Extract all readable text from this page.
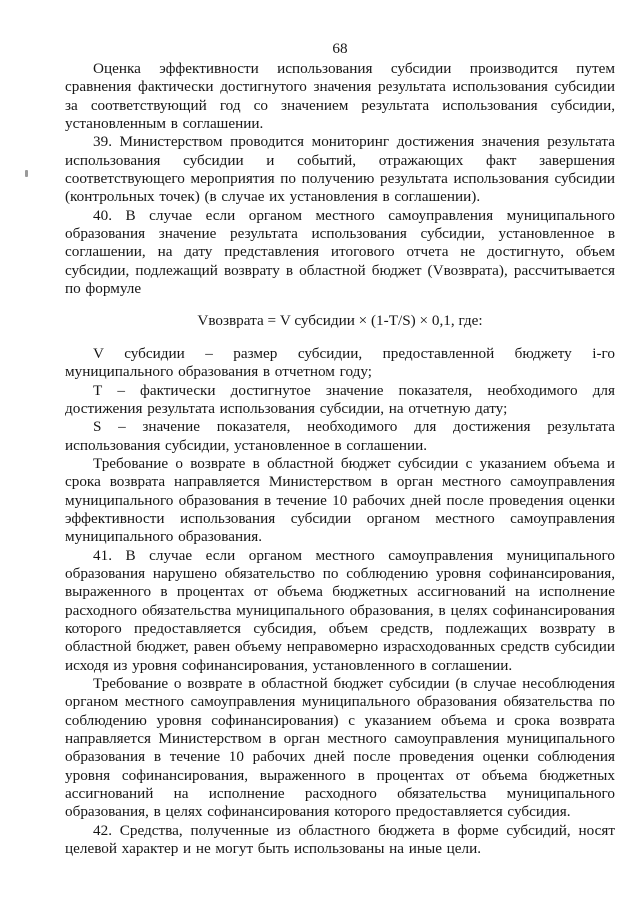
68

Оценка эффективности использования субсидии производится путем сравнения фактически достигнутого значения результата использования субсидии за соответствующий год со значением результата использования субсидии, установленным в соглашении.

39. Министерством проводится мониторинг достижения значения результата использования субсидии и событий, отражающих факт завершения соответствующего мероприятия по получению результата использования субсидии (контрольных точек) (в случае их установления в соглашении).

40. В случае если органом местного самоуправления муниципального образования значение результата использования субсидии, установленное в соглашении, на дату представления итогового отчета не достигнуто, объем субсидии, подлежащий возврату в областной бюджет (Vвозврата), рассчитывается по формуле

Vвозврата = V субсидии × (1-T/S) × 0,1, где:

V субсидии – размер субсидии, предоставленной бюджету i-го муниципального образования в отчетном году;

Т – фактически достигнутое значение показателя, необходимого для достижения результата использования субсидии, на отчетную дату;

S – значение показателя, необходимого для достижения результата использования субсидии, установленное в соглашении.

Требование о возврате в областной бюджет субсидии с указанием объема и срока возврата направляется Министерством в орган местного самоуправления муниципального образования в течение 10 рабочих дней после проведения оценки эффективности использования субсидии органом местного самоуправления муниципального образования.

41. В случае если органом местного самоуправления муниципального образования нарушено обязательство по соблюдению уровня софинансирования, выраженного в процентах от объема бюджетных ассигнований на исполнение расходного обязательства муниципального образования, в целях софинансирования которого предоставляется субсидия, объем средств, подлежащих возврату в областной бюджет, равен объему неправомерно израсходованных средств субсидии исходя из уровня софинансирования, установленного в соглашении.

Требование о возврате в областной бюджет субсидии (в случае несоблюдения органом местного самоуправления муниципального образования обязательства по соблюдению уровня софинансирования) с указанием объема и срока возврата направляется Министерством в орган местного самоуправления муниципального образования в течение 10 рабочих дней после проведения оценки соблюдения уровня софинансирования, выраженного в процентах от объема бюджетных ассигнований на исполнение расходного обязательства муниципального образования, в целях софинансирования которого предоставляется субсидия.

42. Средства, полученные из областного бюджета в форме субсидий, носят целевой характер и не могут быть использованы на иные цели.
